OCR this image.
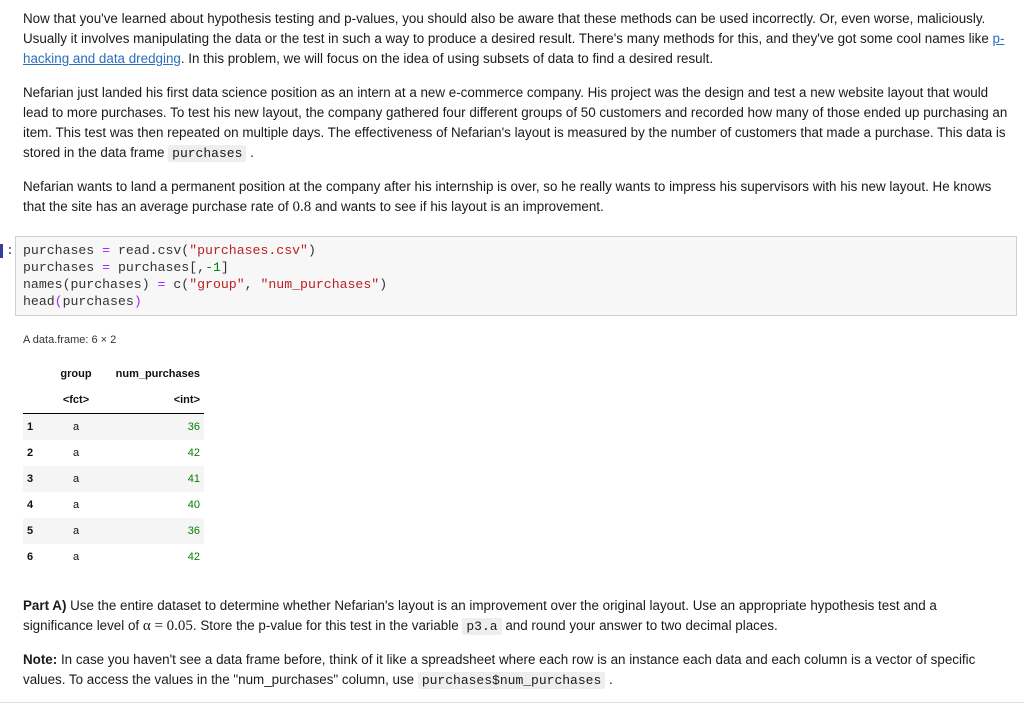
Now that you've learned about hypothesis testing and p-values, you should also be aware that these methods can be used incorrectly. Or, even worse, maliciously. Usually it involves manipulating the data or the test in such a way to produce a desired result. There's many methods for this, and they've got some cool names like p-hacking and data dredging. In this problem, we will focus on the idea of using subsets of data to find a desired result.

Nefarian just landed his first data science position as an intern at a new e-commerce company. His project was the design and test a new website layout that would lead to more purchases. To test his new layout, the company gathered four different groups of 50 customers and recorded how many of those ended up purchasing an item. This test was then repeated on multiple days. The effectiveness of Nefarian's layout is measured by the number of customers that made a purchase. This data is stored in the data frame purchases .

Nefarian wants to land a permanent position at the company after his internship is over, so he really wants to impress his supervisors with his new layout. He knows that the site has an average purchase rate of 0.8 and wants to see if his layout is an improvement.

: purchases = read.csv("purchases.csv")
purchases = purchases[,-1]
names(purchases) = c("group", "num_purchases")
head(purchases)
A data.frame: 6 × 2
	group	num_purchases
	<fct>	<int>
1	a	36
2	a	42
3	a	41
4	a	40
5	a	36
6	a	42

Part A) Use the entire dataset to determine whether Nefarian's layout is an improvement over the original layout. Use an appropriate hypothesis test and a significance level of α = 0.05. Store the p-value for this test in the variable p3.a and round your answer to two decimal places.

Note: In case you haven't see a data frame before, think of it like a spreadsheet where each row is an instance each data and each column is a vector of specific values. To access the values in the "num_purchases" column, use purchases$num_purchases .
